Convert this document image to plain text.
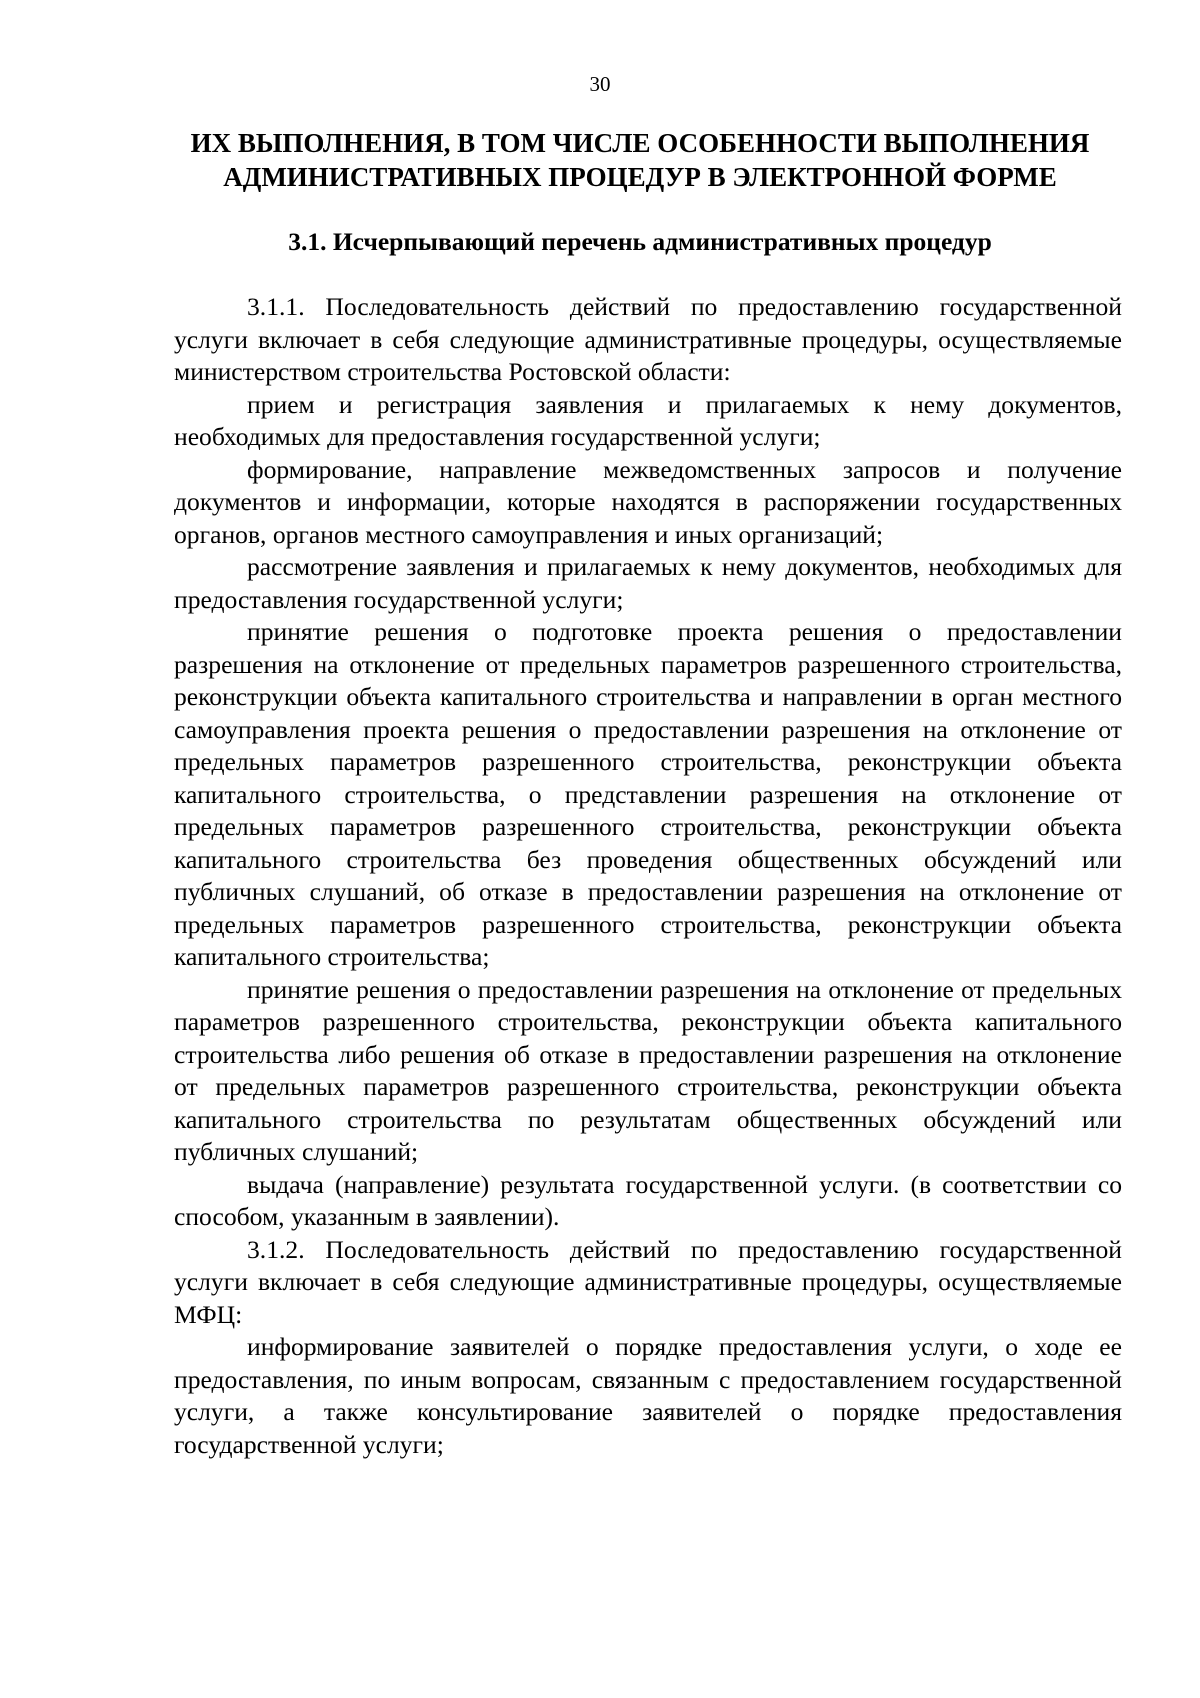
30
ИХ ВЫПОЛНЕНИЯ, В ТОМ ЧИСЛЕ ОСОБЕННОСТИ ВЫПОЛНЕНИЯ
АДМИНИСТРАТИВНЫХ ПРОЦЕДУР В ЭЛЕКТРОННОЙ ФОРМЕ
3.1. Исчерпывающий перечень административных процедур

3.1.1. Последовательность действий по предоставлению государственной услуги включает в себя следующие административные процедуры, осуществляемые министерством строительства Ростовской области:

прием и регистрация заявления и прилагаемых к нему документов, необходимых для предоставления государственной услуги;

формирование, направление межведомственных запросов и получение документов и информации, которые находятся в распоряжении государственных органов, органов местного самоуправления и иных организаций;

рассмотрение заявления и прилагаемых к нему документов, необходимых для предоставления государственной услуги;

принятие решения о подготовке проекта решения о предоставлении разрешения на отклонение от предельных параметров разрешенного строительства, реконструкции объекта капитального строительства и направлении в орган местного самоуправления проекта решения о предоставлении разрешения на отклонение от предельных параметров разрешенного строительства, реконструкции объекта капитального строительства, о представлении разрешения на отклонение от предельных параметров разрешенного строительства, реконструкции объекта капитального строительства без проведения общественных обсуждений или публичных слушаний, об отказе в предоставлении разрешения на отклонение от предельных параметров разрешенного строительства, реконструкции объекта капитального строительства;

принятие решения о предоставлении разрешения на отклонение от предельных параметров разрешенного строительства, реконструкции объекта капитального строительства либо решения об отказе в предоставлении разрешения на отклонение от предельных параметров разрешенного строительства, реконструкции объекта капитального строительства по результатам общественных обсуждений или публичных слушаний;

выдача (направление) результата государственной услуги. (в соответствии со способом, указанным в заявлении).

3.1.2. Последовательность действий по предоставлению государственной услуги включает в себя следующие административные процедуры, осуществляемые МФЦ:

информирование заявителей о порядке предоставления услуги, о ходе ее предоставления, по иным вопросам, связанным с предоставлением государственной услуги, а также консультирование заявителей о порядке предоставления государственной услуги;
